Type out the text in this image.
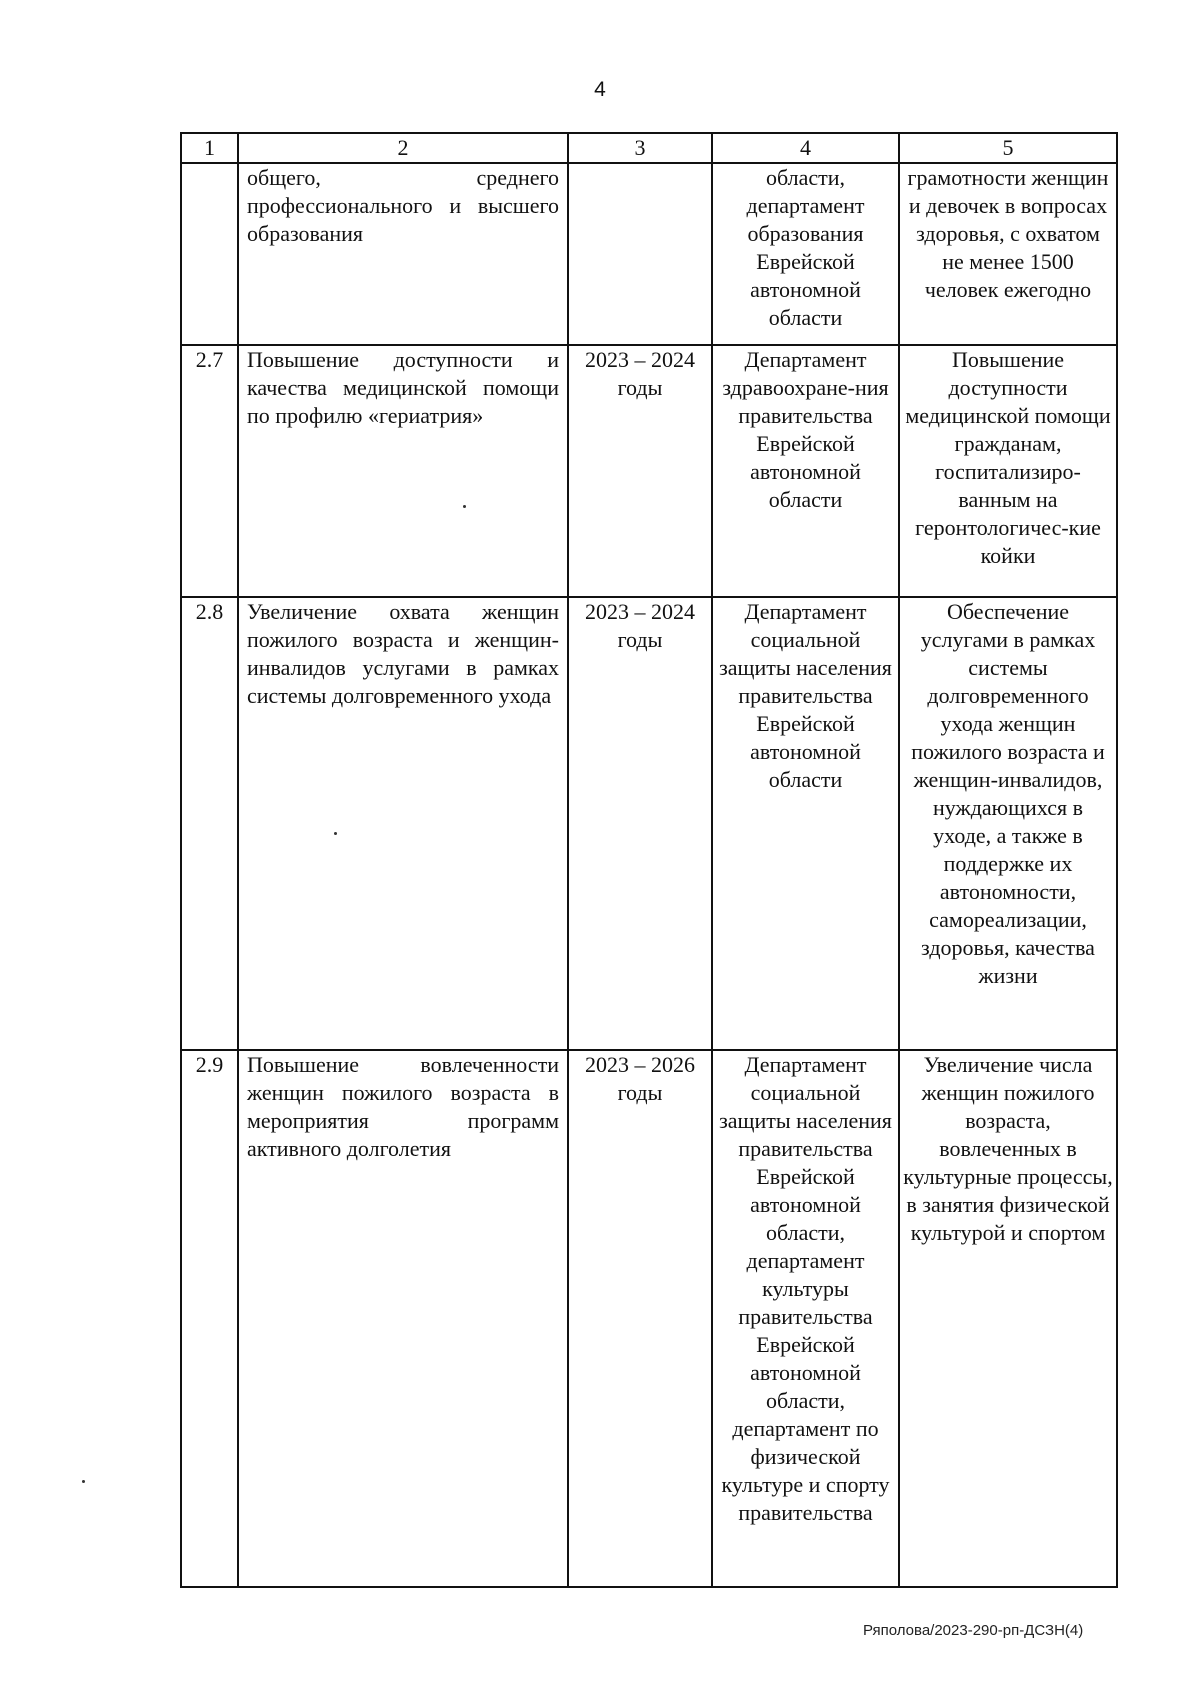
4
1	2	3	4	5
	общего, среднего профессионального и высшего образования		области, департамент образования Еврейской автономной области	грамотности женщин и девочек в вопросах здоровья, с охватом не менее 1500 человек ежегодно
2.7	Повышение доступности и качества медицинской помощи по профилю «гериатрия»	2023 – 2024 годы	Департамент здравоохране-ния правительства Еврейской автономной области	Повышение доступности медицинской помощи гражданам, госпитализиро-ванным на геронтологичес-кие койки
2.8	Увеличение охвата женщин пожилого возраста и женщин-инвалидов услугами в рамках системы долговременного ухода	2023 – 2024 годы	Департамент социальной защиты населения правительства Еврейской автономной области	Обеспечение услугами в рамках системы долговременного ухода женщин пожилого возраста и женщин-инвалидов, нуждающихся в уходе, а также в поддержке их автономности, самореализации, здоровья, качества жизни
2.9	Повышение вовлеченности женщин пожилого возраста в мероприятия программ активного долголетия	2023 – 2026 годы	Департамент социальной защиты населения правительства Еврейской автономной области, департамент культуры правительства Еврейской автономной области, департамент по физической культуре и спорту правительства	Увеличение числа женщин пожилого возраста, вовлеченных в культурные процессы, в занятия физической культурой и спортом
Ряполова/2023-290-рп-ДСЗН(4)
